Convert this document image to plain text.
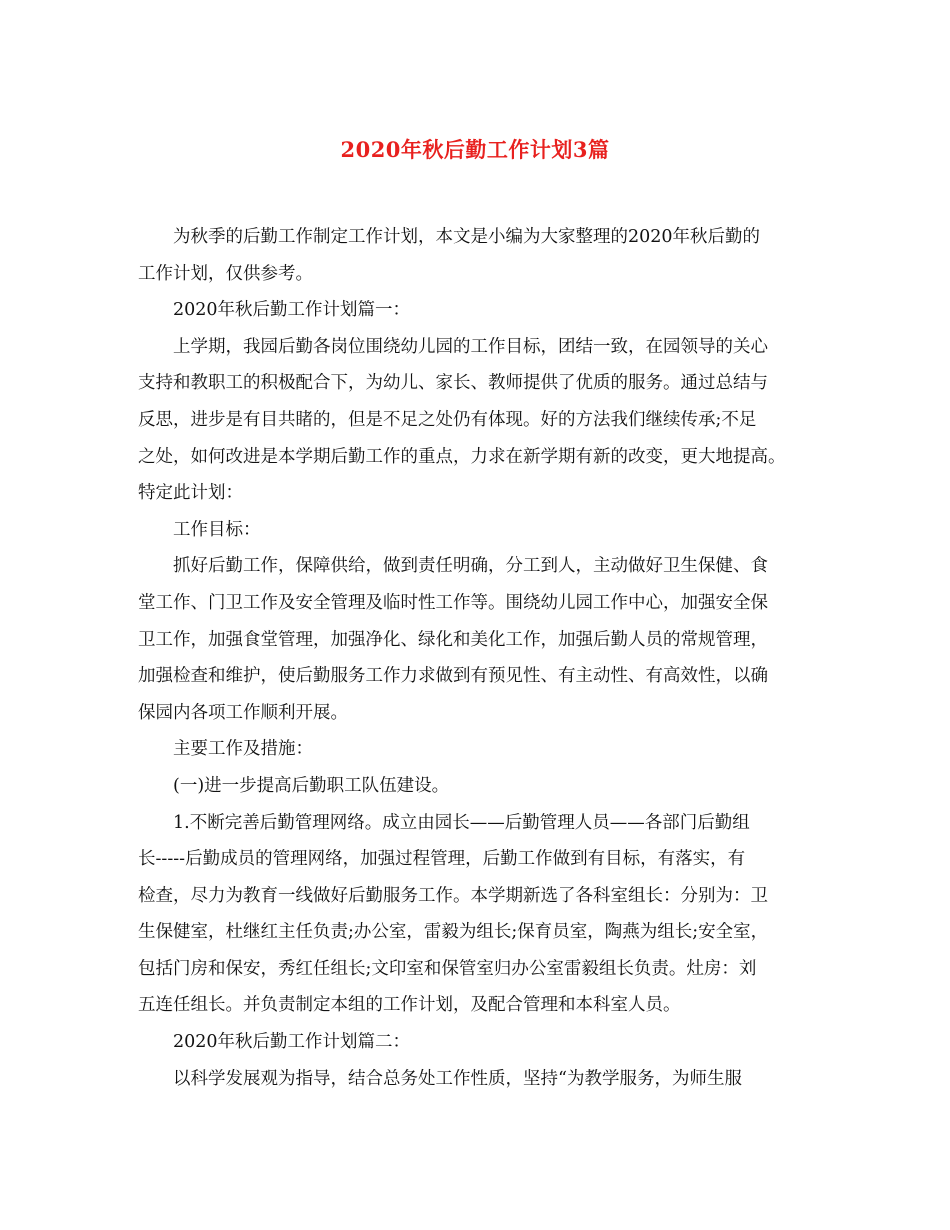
2020年秋后勤工作计划3篇
为秋季的后勤工作制定工作计划，本文是小编为大家整理的2020年秋后勤的
工作计划，仅供参考。
2020年秋后勤工作计划篇一：
上学期，我园后勤各岗位围绕幼儿园的工作目标，团结一致，在园领导的关心
支持和教职工的积极配合下，为幼儿、家长、教师提供了优质的服务。通过总结与
反思，进步是有目共睹的，但是不足之处仍有体现。好的方法我们继续传承;不足
之处，如何改进是本学期后勤工作的重点，力求在新学期有新的改变，更大地提高。
特定此计划：
工作目标：
抓好后勤工作，保障供给，做到责任明确，分工到人，主动做好卫生保健、食
堂工作、门卫工作及安全管理及临时性工作等。围绕幼儿园工作中心，加强安全保
卫工作，加强食堂管理，加强净化、绿化和美化工作，加强后勤人员的常规管理，
加强检查和维护，使后勤服务工作力求做到有预见性、有主动性、有高效性，以确
保园内各项工作顺利开展。
主要工作及措施：
(一)进一步提高后勤职工队伍建设。
1.不断完善后勤管理网络。成立由园长——后勤管理人员——各部门后勤组
长-----后勤成员的管理网络，加强过程管理，后勤工作做到有目标，有落实，有
检查，尽力为教育一线做好后勤服务工作。本学期新选了各科室组长：分别为：卫
生保健室，杜继红主任负责;办公室，雷毅为组长;保育员室，陶燕为组长;安全室，
包括门房和保安，秀红任组长;文印室和保管室归办公室雷毅组长负责。灶房：刘
五连任组长。并负责制定本组的工作计划，及配合管理和本科室人员。
2020年秋后勤工作计划篇二：
以科学发展观为指导，结合总务处工作性质，坚持“为教学服务，为师生服
